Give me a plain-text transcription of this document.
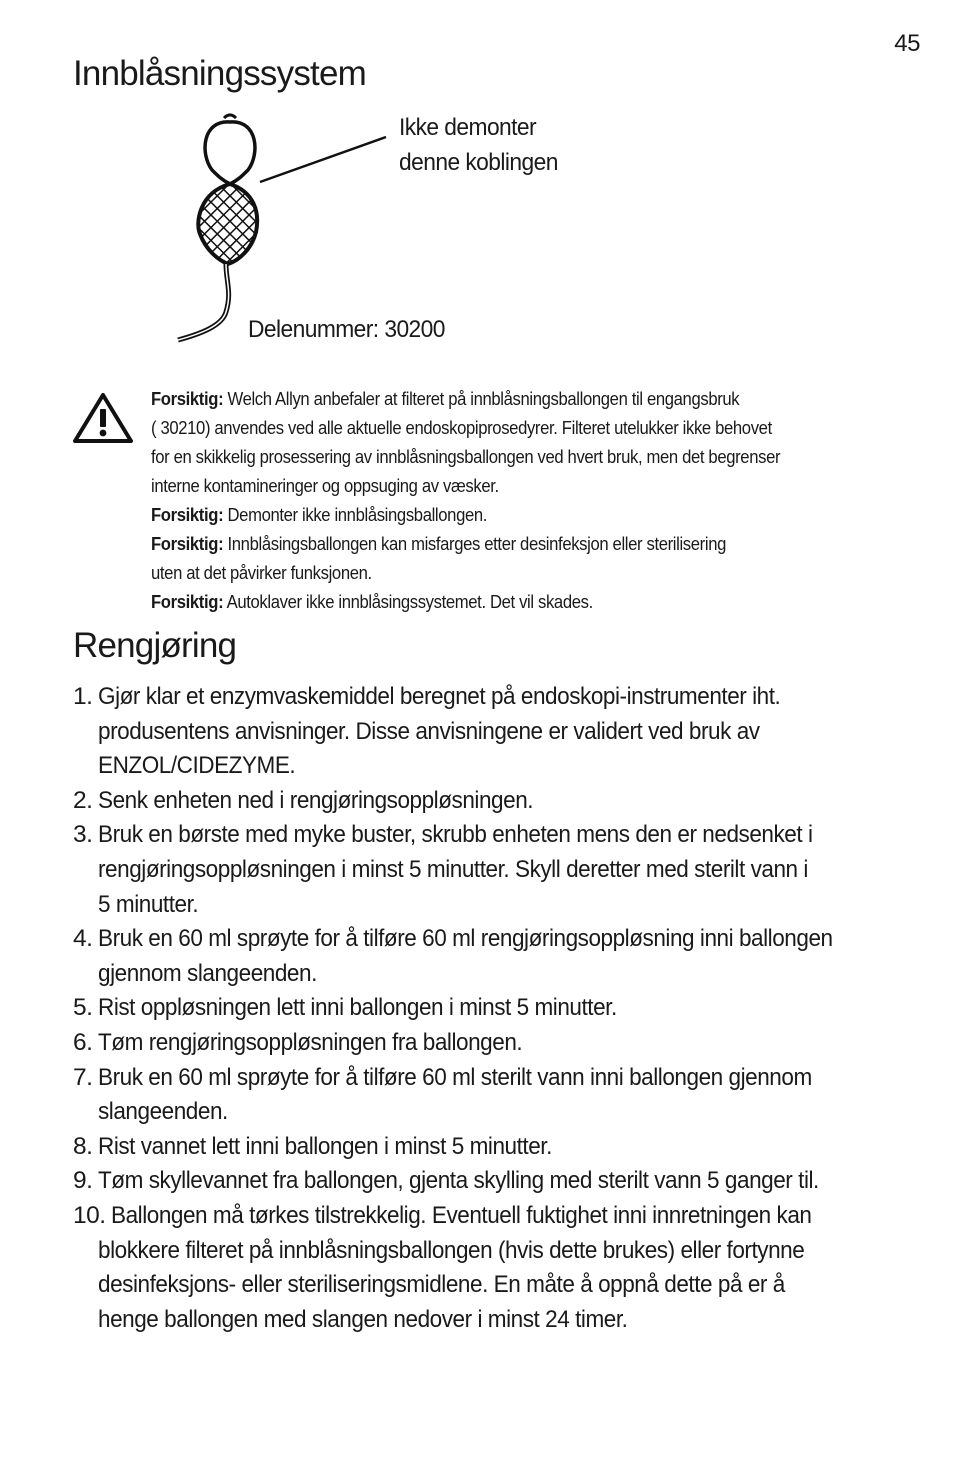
45
Innblåsningssystem
Ikke demonter
denne koblingen
Delenummer: 30200
Forsiktig: Welch Allyn anbefaler at filteret på innblåsningsballongen til engangsbruk
( 30210) anvendes ved alle aktuelle endoskopiprosedyrer. Filteret utelukker ikke behovet
for en skikkelig prosessering av innblåsningsballongen ved hvert bruk, men det begrenser
interne kontamineringer og oppsuging av væsker.
Forsiktig: Demonter ikke innblåsingsballongen.
Forsiktig: Innblåsingsballongen kan misfarges etter desinfeksjon eller sterilisering
uten at det påvirker funksjonen.
Forsiktig: Autoklaver ikke innblåsingssystemet. Det vil skades.
Rengjøring
1. Gjør klar et enzymvaskemiddel beregnet på endoskopi-instrumenter iht.
produsentens anvisninger. Disse anvisningene er validert ved bruk av
ENZOL/CIDEZYME.
2. Senk enheten ned i rengjøringsoppløsningen.
3. Bruk en børste med myke buster, skrubb enheten mens den er nedsenket i
rengjøringsoppløsningen i minst 5 minutter. Skyll deretter med sterilt vann i
5 minutter.
4. Bruk en 60 ml sprøyte for å tilføre 60 ml rengjøringsoppløsning inni ballongen
gjennom slangeenden.
5. Rist oppløsningen lett inni ballongen i minst 5 minutter.
6. Tøm rengjøringsoppløsningen fra ballongen.
7. Bruk en 60 ml sprøyte for å tilføre 60 ml sterilt vann inni ballongen gjennom
slangeenden.
8. Rist vannet lett inni ballongen i minst 5 minutter.
9. Tøm skyllevannet fra ballongen, gjenta skylling med sterilt vann 5 ganger til.
10. Ballongen må tørkes tilstrekkelig. Eventuell fuktighet inni innretningen kan
blokkere filteret på innblåsningsballongen (hvis dette brukes) eller fortynne
desinfeksjons- eller steriliseringsmidlene. En måte å oppnå dette på er å
henge ballongen med slangen nedover i minst 24 timer.
